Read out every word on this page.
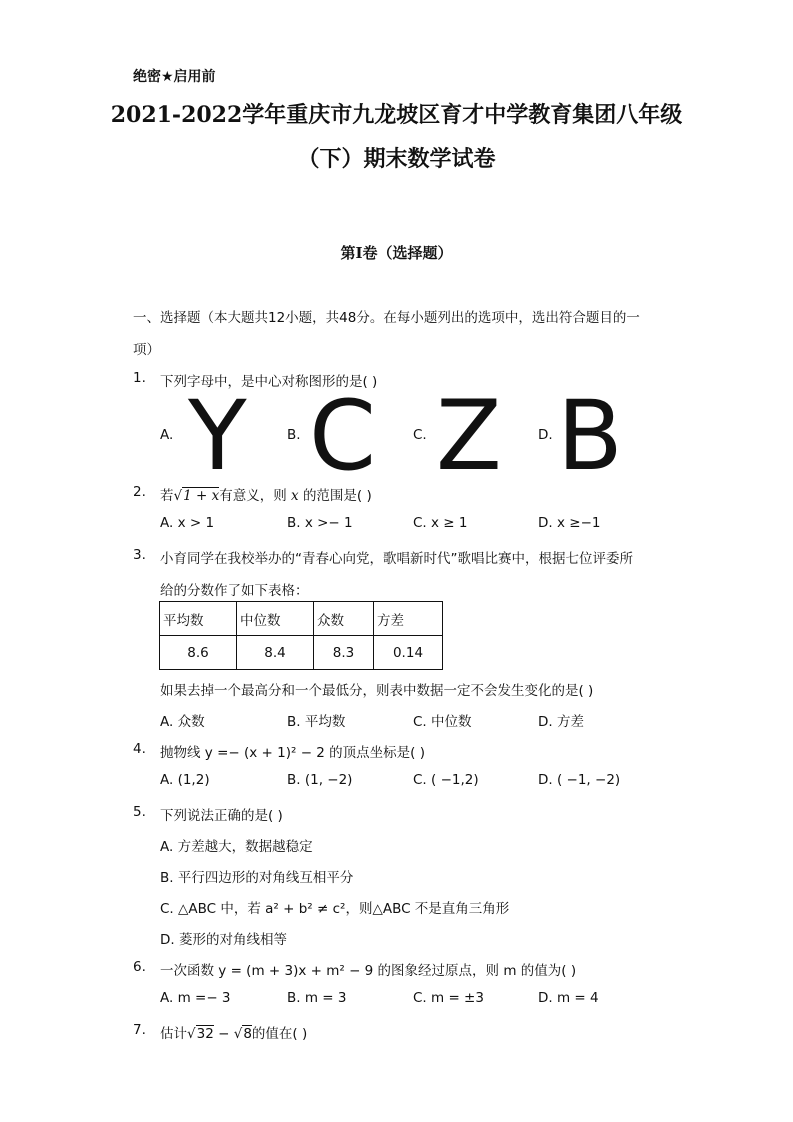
绝密★启用前
2021-2022学年重庆市九龙坡区育才中学教育集团八年级
（下）期末数学试卷
第I卷（选择题）
一、选择题（本大题共12小题，共48分。在每小题列出的选项中，选出符合题目的一
项）
1. 下列字母中，是中心对称图形的是( )
A. Y	B. C	C. Z	D. B
2. 若√1 + x有意义，则 x 的范围是( )
A. x > 1	B. x >− 1	C. x ≥ 1	D. x ≥−1
3. 小育同学在我校举办的“青春心向党，歌唱新时代”歌唱比赛中，根据七位评委所
给的分数作了如下表格：
平均数	中位数	众数	方差
8.6	8.4	8.3	0.14
如果去掉一个最高分和一个最低分，则表中数据一定不会发生变化的是( )
A. 众数	B. 平均数	C. 中位数	D. 方差
4. 抛物线 y =− (x + 1)² − 2 的顶点坐标是( )
A. (1,2)	B. (1, −2)	C. ( −1,2)	D. ( −1, −2)
5. 下列说法正确的是( )
A. 方差越大，数据越稳定
B. 平行四边形的对角线互相平分
C. △ABC 中，若 a² + b² ≠ c²，则△ABC 不是直角三角形
D. 菱形的对角线相等
6. 一次函数 y = (m + 3)x + m² − 9 的图象经过原点，则 m 的值为( )
A. m =− 3	B. m = 3	C. m = ±3	D. m = 4
7. 估计√32 − √8的值在( )
